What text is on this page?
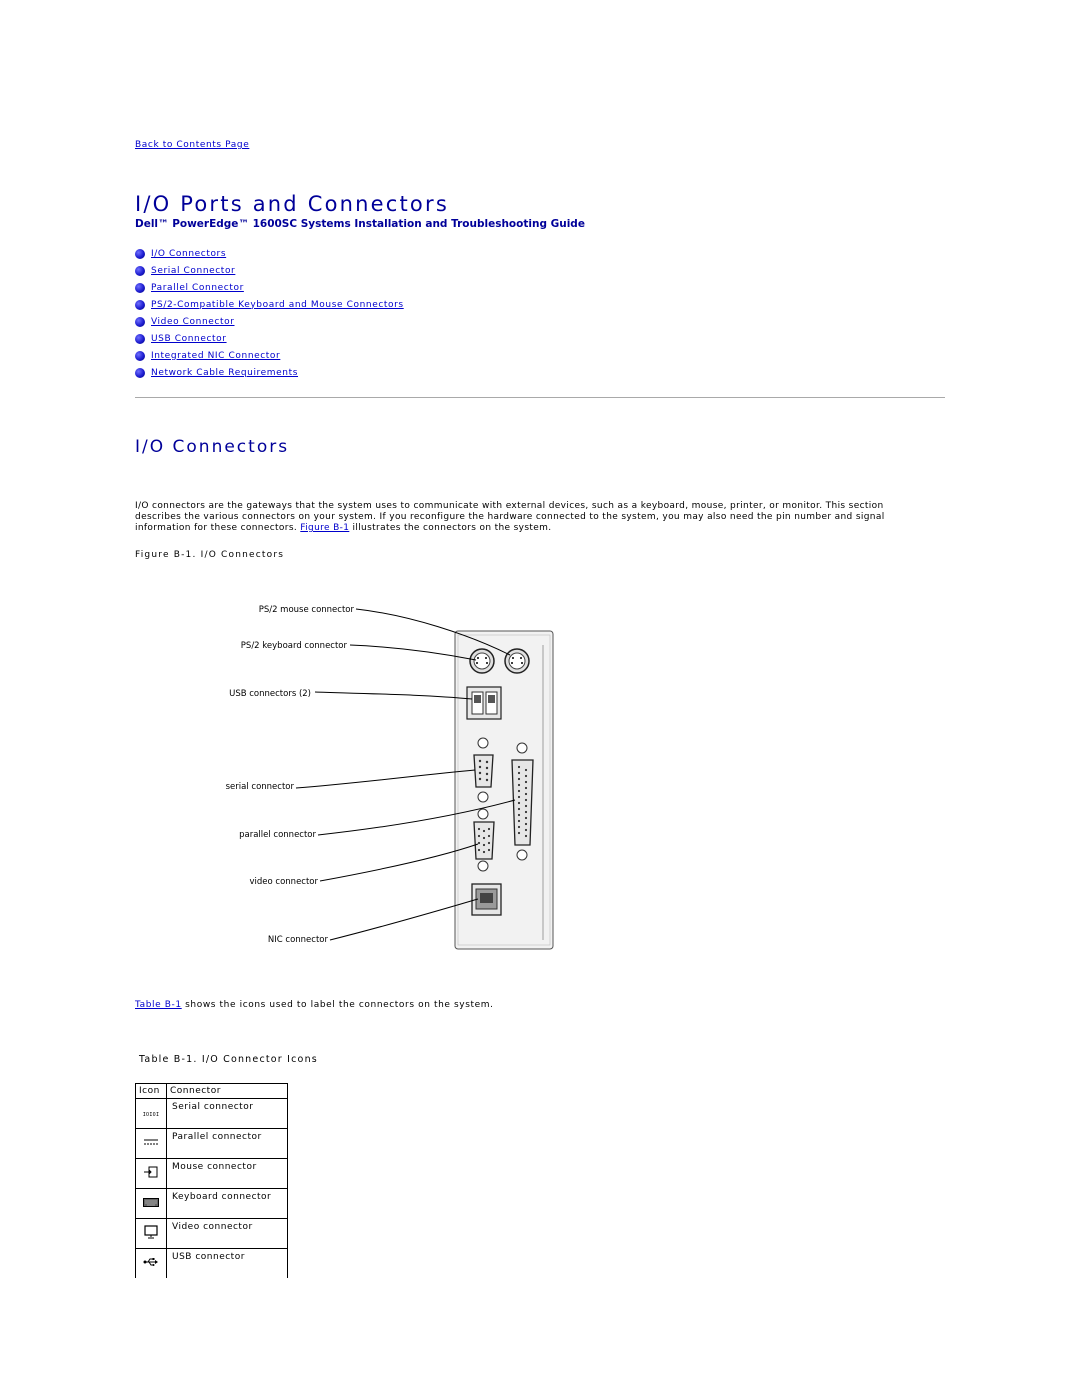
Back to Contents Page
I/O Ports and Connectors
Dell™ PowerEdge™ 1600SC Systems Installation and Troubleshooting Guide
I/O Connectors
Serial Connector
Parallel Connector
PS/2-Compatible Keyboard and Mouse Connectors
Video Connector
USB Connector
Integrated NIC Connector
Network Cable Requirements
I/O Connectors

I/O connectors are the gateways that the system uses to communicate with external devices, such as a keyboard, mouse, printer, or monitor. This section describes the various connectors on your system. If you reconfigure the hardware connected to the system, you may also need the pin number and signal information for these connectors. Figure B-1 illustrates the connectors on the system.

Figure B-1. I/O Connectors
PS/2 mouse connector
PS/2 keyboard connector
USB connectors (2)
serial connector
parallel connector
video connector
NIC connector

Table B-1 shows the icons used to label the connectors on the system.

Table B-1. I/O Connector Icons
Icon	Connector
IOIOI	Serial connector
	Parallel connector
	Mouse connector
	Keyboard connector
	Video connector
	USB connector
